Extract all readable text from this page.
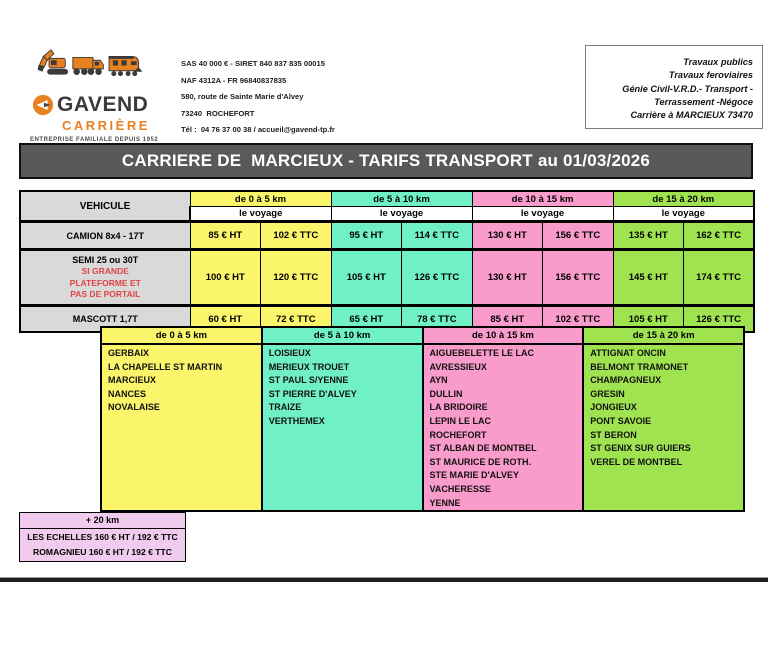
GAVEND
CARRIÈRE
ENTREPRISE FAMILIALE DEPUIS 1952
SAS 40 000 € - SIRET 840 837 835 00015
NAF 4312A - FR 96840837835
580, route de Sainte Marie d'Alvey
73240  ROCHEFORT
Tél :  04 76 37 00 38 / accueil@gavend-tp.fr
Travaux publics
Travaux feroviaires
Génie Civil-V.R.D.- Transport -
Terrassement -Négoce
Carrière à MARCIEUX 73470
CARRIERE DE  MARCIEUX - TARIFS TRANSPORT au 01/03/2026
VEHICULE	de 0 à 5 km		de 5 à 10 km		de 10 à 15 km		de 15 à 20 km	
	le voyage		le voyage		le voyage		le voyage	

CAMION 8x4 - 17T	85 € HT	102 € TTC	95 € HT	114 € TTC	130 € HT	156 € TTC	135 € HT	162 € TTC

SEMI 25 ou 30T
SI GRANDE
PLATEFORME ET
PAS DE PORTAIL	100 € HT	120 € TTC	105 € HT	126 € TTC	130 € HT	156 € TTC	145 € HT	174 € TTC

MASCOTT 1,7T	60 € HT	72 € TTC	65 € HT	78 € TTC	85 € HT	102 € TTC	105 € HT	126 € TTC
de 0 à 5 km	de 5 à 10 km	de 10 à 15 km	de 15 à 20 km

GERBAIX
LA CHAPELLE ST MARTIN
MARCIEUX
NANCES
NOVALAISE

LOISIEUX
MERIEUX TROUET
ST PAUL S/YENNE
ST PIERRE D'ALVEY
TRAIZE
VERTHEMEX

AIGUEBELETTE LE LAC
AVRESSIEUX
AYN
DULLIN
LA BRIDOIRE
LEPIN LE LAC
ROCHEFORT
ST ALBAN DE MONTBEL
ST MAURICE DE ROTH.
STE MARIE D'ALVEY
VACHERESSE
YENNE

ATTIGNAT ONCIN
BELMONT TRAMONET
CHAMPAGNEUX
GRESIN
JONGIEUX
PONT SAVOIE
ST BERON
ST GENIX SUR GUIERS
VEREL DE MONTBEL
+ 20 km
LES ECHELLES 160 € HT / 192 € TTC
ROMAGNIEU 160 € HT / 192 € TTC
